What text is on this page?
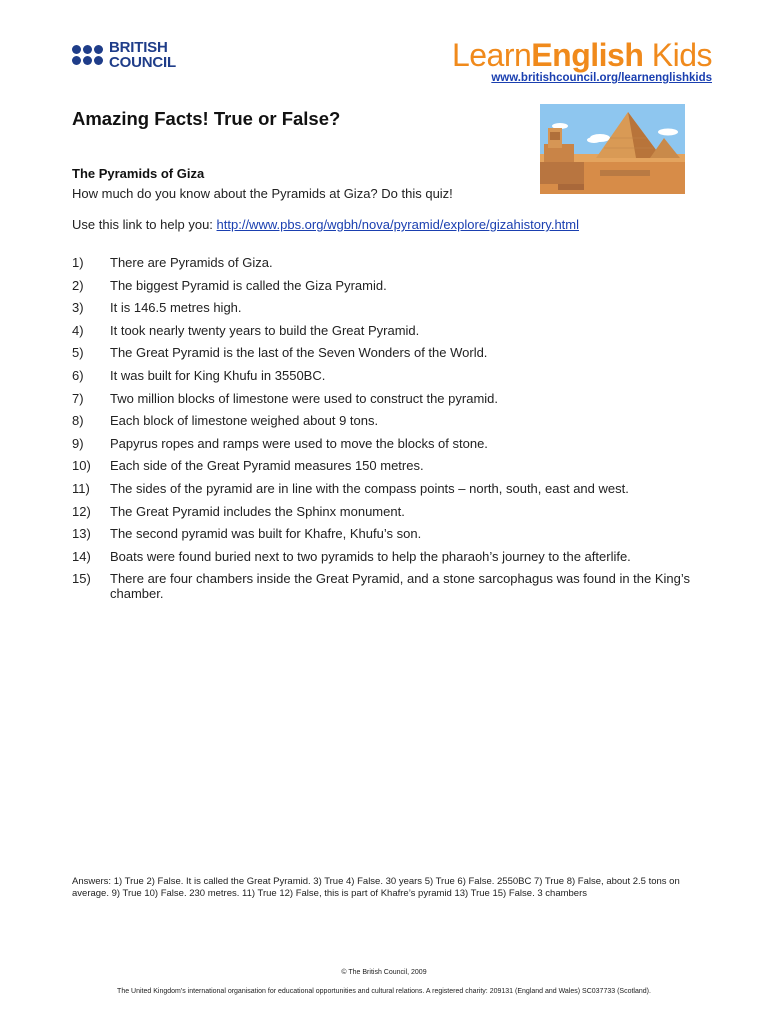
BRITISH
COUNCIL	LearnEnglish Kids
www.britishcouncil.org/learnenglishkids
Amazing Facts! True or False?
The Pyramids of Giza
How much do you know about the Pyramids at Giza? Do this quiz!
Use this link to help you: http://www.pbs.org/wgbh/nova/pyramid/explore/gizahistory.html
1)	There are Pyramids of Giza.
2)	The biggest Pyramid is called the Giza Pyramid.
3)	It is 146.5 metres high.
4)	It took nearly twenty years to build the Great Pyramid.
5)	The Great Pyramid is the last of the Seven Wonders of the World.
6)	It was built for King Khufu in 3550BC.
7)	Two million blocks of limestone were used to construct the pyramid.
8)	Each block of limestone weighed about 9 tons.
9)	Papyrus ropes and ramps were used to move the blocks of stone.
10)	Each side of the Great Pyramid measures 150 metres.
11)	The sides of the pyramid are in line with the compass points – north, south, east and west.
12)	The Great Pyramid includes the Sphinx monument.
13)	The second pyramid was built for Khafre, Khufu’s son.
14)	Boats were found buried next to two pyramids to help the pharaoh’s journey to the afterlife.
15)	There are four chambers inside the Great Pyramid, and a stone sarcophagus was found in the King’s chamber.
Answers: 1) True 2) False. It is called the Great Pyramid. 3) True 4) False. 30 years 5) True 6) False. 2550BC 7) True 8) False, about 2.5 tons on average. 9) True 10) False. 230 metres. 11) True 12) False, this is part of Khafre’s pyramid 13) True 15) False. 3 chambers
© The British Council, 2009
The United Kingdom’s international organisation for educational opportunities and cultural relations. A registered charity: 209131 (England and Wales) SC037733 (Scotland).
